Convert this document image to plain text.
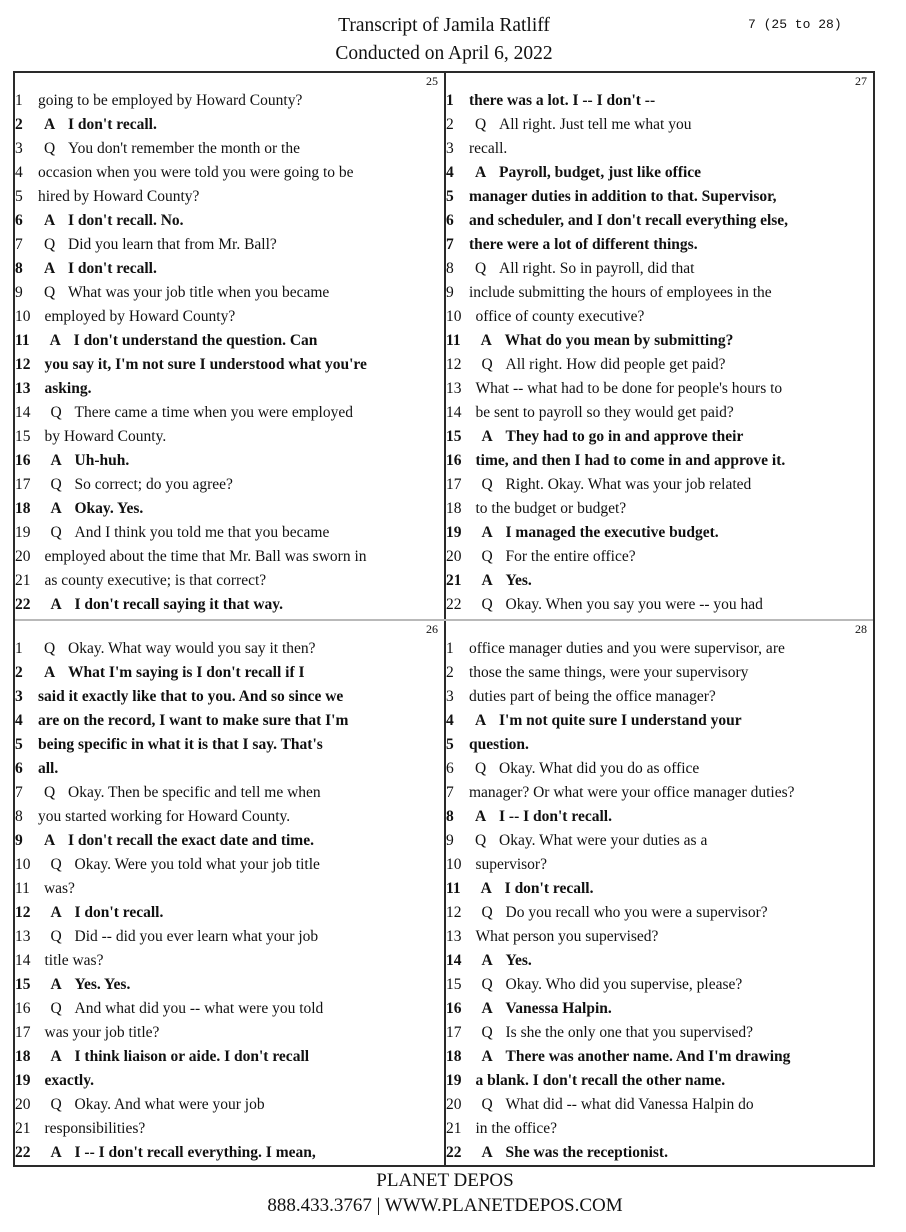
Transcript of Jamila Ratliff
Conducted on April 6, 2022
7 (25 to 28)
25
1 going to be employed by Howard County?
2 A I don't recall.
3 Q You don't remember the month or the
4 occasion when you were told you were going to be
5 hired by Howard County?
6 A I don't recall. No.
7 Q Did you learn that from Mr. Ball?
8 A I don't recall.
9 Q What was your job title when you became
10 employed by Howard County?
11 A I don't understand the question. Can
12 you say it, I'm not sure I understood what you're
13 asking.
14 Q There came a time when you were employed
15 by Howard County.
16 A Uh-huh.
17 Q So correct; do you agree?
18 A Okay. Yes.
19 Q And I think you told me that you became
20 employed about the time that Mr. Ball was sworn in
21 as county executive; is that correct?
22 A I don't recall saying it that way.
27
1 there was a lot. I -- I don't --
2 Q All right. Just tell me what you
3 recall.
4 A Payroll, budget, just like office
5 manager duties in addition to that. Supervisor,
6 and scheduler, and I don't recall everything else,
7 there were a lot of different things.
8 Q All right. So in payroll, did that
9 include submitting the hours of employees in the
10 office of county executive?
11 A What do you mean by submitting?
12 Q All right. How did people get paid?
13 What -- what had to be done for people's hours to
14 be sent to payroll so they would get paid?
15 A They had to go in and approve their
16 time, and then I had to come in and approve it.
17 Q Right. Okay. What was your job related
18 to the budget or budget?
19 A I managed the executive budget.
20 Q For the entire office?
21 A Yes.
22 Q Okay. When you say you were -- you had
26
1 Q Okay. What way would you say it then?
2 A What I'm saying is I don't recall if I
3 said it exactly like that to you. And so since we
4 are on the record, I want to make sure that I'm
5 being specific in what it is that I say. That's
6 all.
7 Q Okay. Then be specific and tell me when
8 you started working for Howard County.
9 A I don't recall the exact date and time.
10 Q Okay. Were you told what your job title
11 was?
12 A I don't recall.
13 Q Did -- did you ever learn what your job
14 title was?
15 A Yes. Yes.
16 Q And what did you -- what were you told
17 was your job title?
18 A I think liaison or aide. I don't recall
19 exactly.
20 Q Okay. And what were your job
21 responsibilities?
22 A I -- I don't recall everything. I mean,
28
1 office manager duties and you were supervisor, are
2 those the same things, were your supervisory
3 duties part of being the office manager?
4 A I'm not quite sure I understand your
5 question.
6 Q Okay. What did you do as office
7 manager? Or what were your office manager duties?
8 A I -- I don't recall.
9 Q Okay. What were your duties as a
10 supervisor?
11 A I don't recall.
12 Q Do you recall who you were a supervisor?
13 What person you supervised?
14 A Yes.
15 Q Okay. Who did you supervise, please?
16 A Vanessa Halpin.
17 Q Is she the only one that you supervised?
18 A There was another name. And I'm drawing
19 a blank. I don't recall the other name.
20 Q What did -- what did Vanessa Halpin do
21 in the office?
22 A She was the receptionist.
PLANET DEPOS
888.433.3767 | WWW.PLANETDEPOS.COM
